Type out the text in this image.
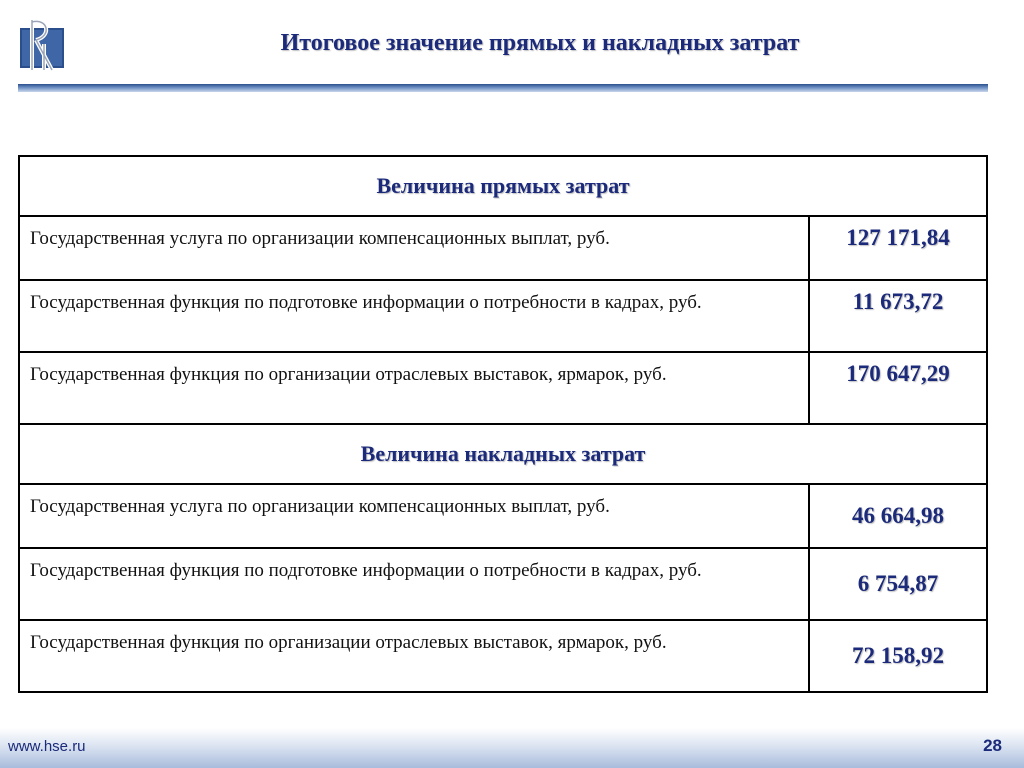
Итоговое значение прямых и накладных затрат
Величина прямых затрат	
Государственная услуга по организации компенсационных выплат, руб.	127 171,84
Государственная функция по подготовке информации о потребности в кадрах, руб.	11 673,72
Государственная функция по организации отраслевых выставок, ярмарок, руб.	170 647,29
Величина накладных затрат	
Государственная услуга по организации компенсационных выплат, руб.	46 664,98
Государственная функция по подготовке информации о потребности в кадрах, руб.	6 754,87
Государственная функция по организации отраслевых выставок, ярмарок, руб.	72 158,92
www.hse.ru	28
